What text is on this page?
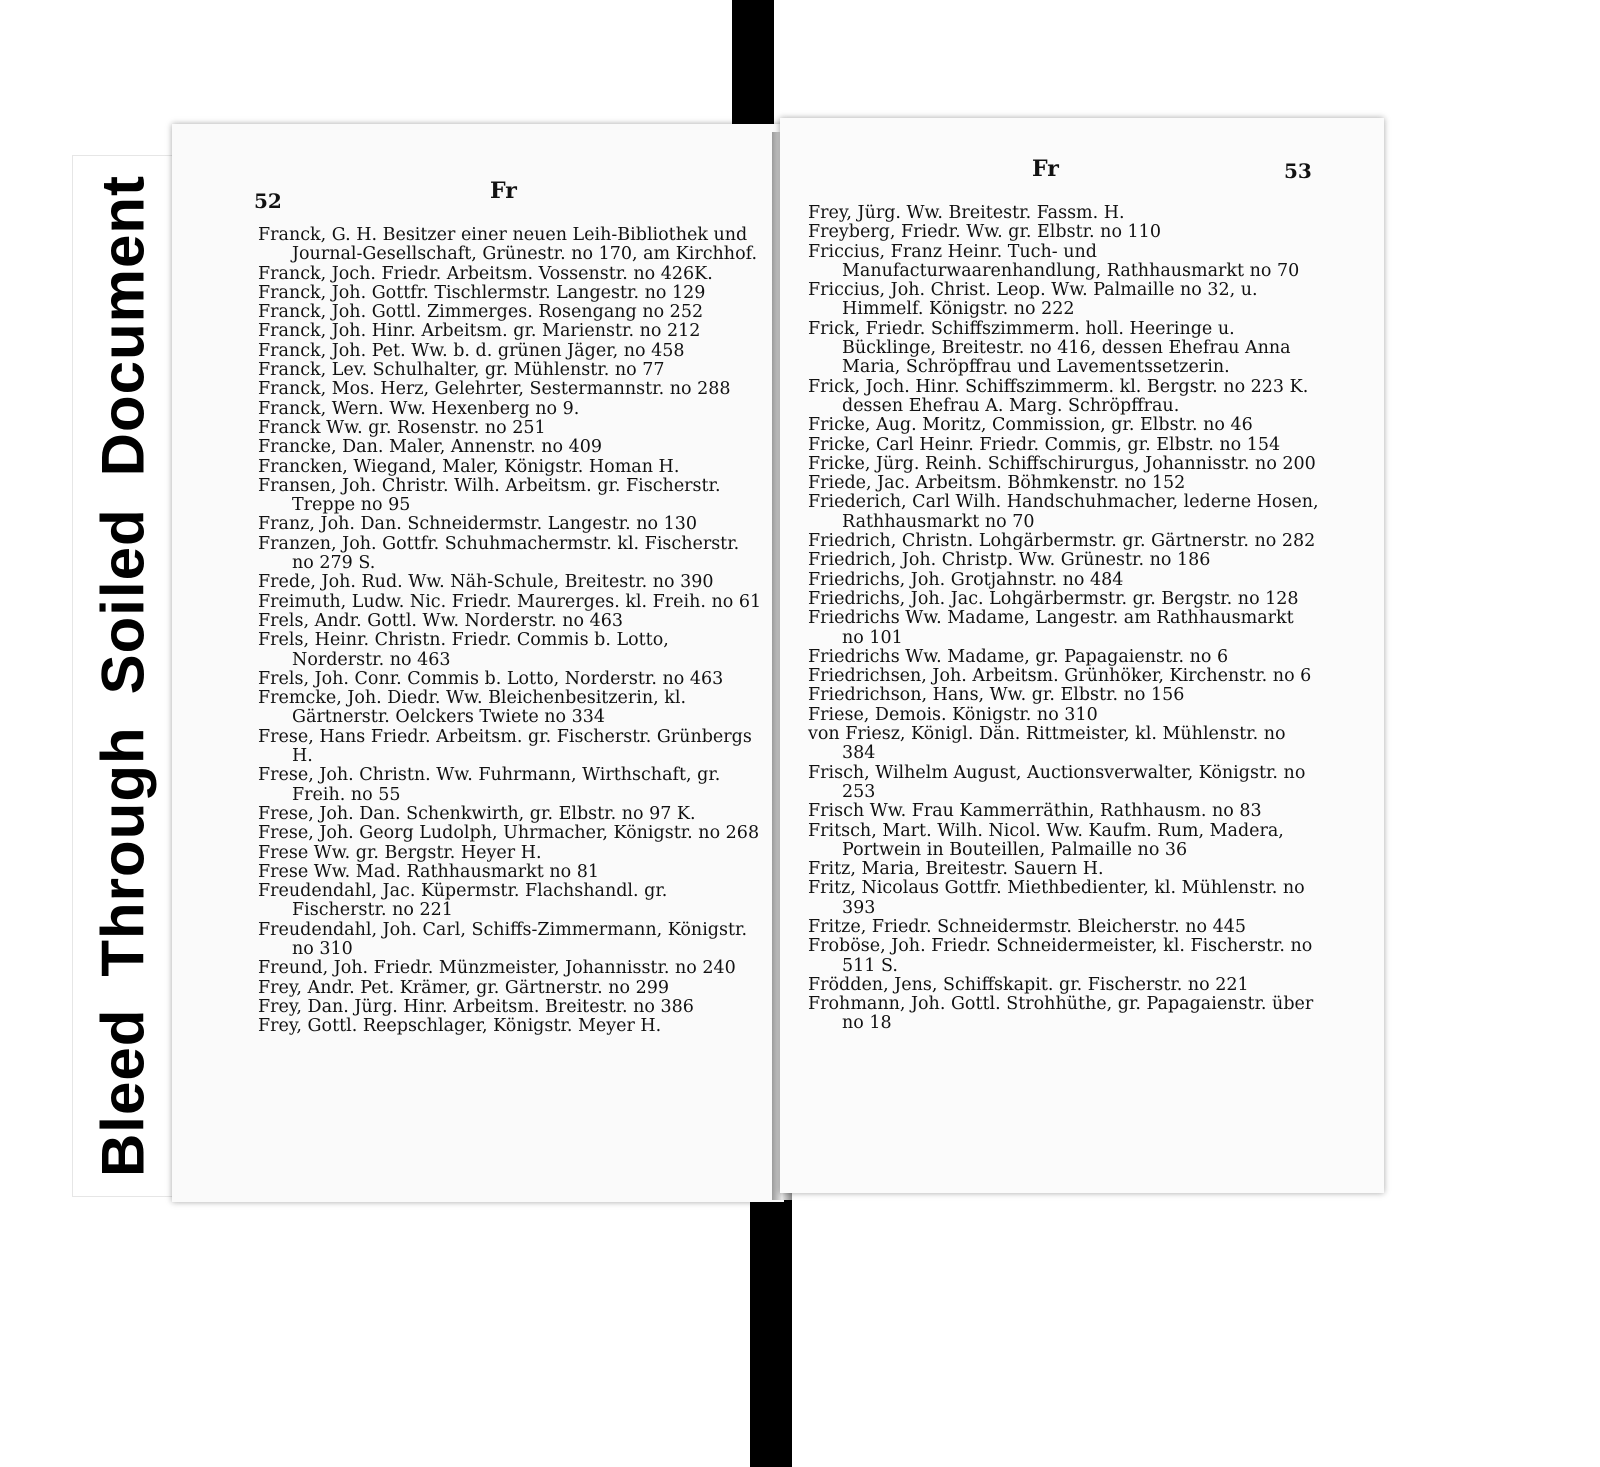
BleedThroughSoiledDocument	52	Fr

Franck, G. H. Besitzer einer neuen Leih-Bibliothek und Journal-Gesellschaft, Grünestr. no 170, am Kirchhof.

Franck, Joch. Friedr. Arbeitsm. Vossenstr. no 426K.

Franck, Joh. Gottfr. Tischlermstr. Langestr. no 129

Franck, Joh. Gottl. Zimmerges. Rosengang no 252

Franck, Joh. Hinr. Arbeitsm. gr. Marienstr. no 212

Franck, Joh. Pet. Ww. b. d. grünen Jäger, no 458

Franck, Lev. Schulhalter, gr. Mühlenstr. no 77

Franck, Mos. Herz, Gelehrter, Sestermannstr. no 288

Franck, Wern. Ww. Hexenberg no 9.

Franck Ww. gr. Rosenstr. no 251

Francke, Dan. Maler, Annenstr. no 409

Francken, Wiegand, Maler, Königstr. Homan H.

Fransen, Joh. Christr. Wilh. Arbeitsm. gr. Fischerstr. Treppe no 95

Franz, Joh. Dan. Schneidermstr. Langestr. no 130

Franzen, Joh. Gottfr. Schuhmachermstr. kl. Fischerstr. no 279 S.

Frede, Joh. Rud. Ww. Näh-Schule, Breitestr. no 390

Freimuth, Ludw. Nic. Friedr. Maurerges. kl. Freih. no 61

Frels, Andr. Gottl. Ww. Norderstr. no 463

Frels, Heinr. Christn. Friedr. Commis b. Lotto, Norderstr. no 463

Frels, Joh. Conr. Commis b. Lotto, Norderstr. no 463

Fremcke, Joh. Diedr. Ww. Bleichenbesitzerin, kl. Gärtnerstr. Oelckers Twiete no 334

Frese, Hans Friedr. Arbeitsm. gr. Fischerstr. Grünbergs H.

Frese, Joh. Christn. Ww. Fuhrmann, Wirthschaft, gr. Freih. no 55

Frese, Joh. Dan. Schenkwirth, gr. Elbstr. no 97 K.

Frese, Joh. Georg Ludolph, Uhrmacher, Königstr. no 268

Frese Ww. gr. Bergstr. Heyer H.

Frese Ww. Mad. Rathhausmarkt no 81

Freudendahl, Jac. Küpermstr. Flachshandl. gr. Fischerstr. no 221

Freudendahl, Joh. Carl, Schiffs-Zimmermann, Königstr. no 310

Freund, Joh. Friedr. Münzmeister, Johannisstr. no 240

Frey, Andr. Pet. Krämer, gr. Gärtnerstr. no 299

Frey, Dan. Jürg. Hinr. Arbeitsm. Breitestr. no 386

Frey, Gottl. Reepschlager, Königstr. Meyer H.

Fr	53

Frey, Jürg. Ww. Breitestr. Fassm. H.

Freyberg, Friedr. Ww. gr. Elbstr. no 110

Friccius, Franz Heinr. Tuch- und Manufacturwaarenhandlung, Rathhausmarkt no 70

Friccius, Joh. Christ. Leop. Ww. Palmaille no 32, u. Himmelf. Königstr. no 222

Frick, Friedr. Schiffszimmerm. holl. Heeringe u. Bücklinge, Breitestr. no 416, dessen Ehefrau Anna Maria, Schröpffrau und Lavementssetzerin.

Frick, Joch. Hinr. Schiffszimmerm. kl. Bergstr. no 223 K. dessen Ehefrau A. Marg. Schröpffrau.

Fricke, Aug. Moritz, Commission, gr. Elbstr. no 46

Fricke, Carl Heinr. Friedr. Commis, gr. Elbstr. no 154

Fricke, Jürg. Reinh. Schiffschirurgus, Johannisstr. no 200

Friede, Jac. Arbeitsm. Böhmkenstr. no 152

Friederich, Carl Wilh. Handschuhmacher, lederne Hosen, Rathhausmarkt no 70

Friedrich, Christn. Lohgärbermstr. gr. Gärtnerstr. no 282

Friedrich, Joh. Christp. Ww. Grünestr. no 186

Friedrichs, Joh. Grotjahnstr. no 484

Friedrichs, Joh. Jac. Lohgärbermstr. gr. Bergstr. no 128

Friedrichs Ww. Madame, Langestr. am Rathhausmarkt no 101

Friedrichs Ww. Madame, gr. Papagaienstr. no 6

Friedrichsen, Joh. Arbeitsm. Grünhöker, Kirchenstr. no 6

Friedrichson, Hans, Ww. gr. Elbstr. no 156

Friese, Demois. Königstr. no 310

von Friesz, Königl. Dän. Rittmeister, kl. Mühlenstr. no 384

Frisch, Wilhelm August, Auctionsverwalter, Königstr. no 253

Frisch Ww. Frau Kammerräthin, Rathhausm. no 83

Fritsch, Mart. Wilh. Nicol. Ww. Kaufm. Rum, Madera, Portwein in Bouteillen, Palmaille no 36

Fritz, Maria, Breitestr. Sauern H.

Fritz, Nicolaus Gottfr. Miethbedienter, kl. Mühlenstr. no 393

Fritze, Friedr. Schneidermstr. Bleicherstr. no 445

Froböse, Joh. Friedr. Schneidermeister, kl. Fischerstr. no 511 S.

Frödden, Jens, Schiffskapit. gr. Fischerstr. no 221

Frohmann, Joh. Gottl. Strohhüthe, gr. Papagaienstr. über no 18
